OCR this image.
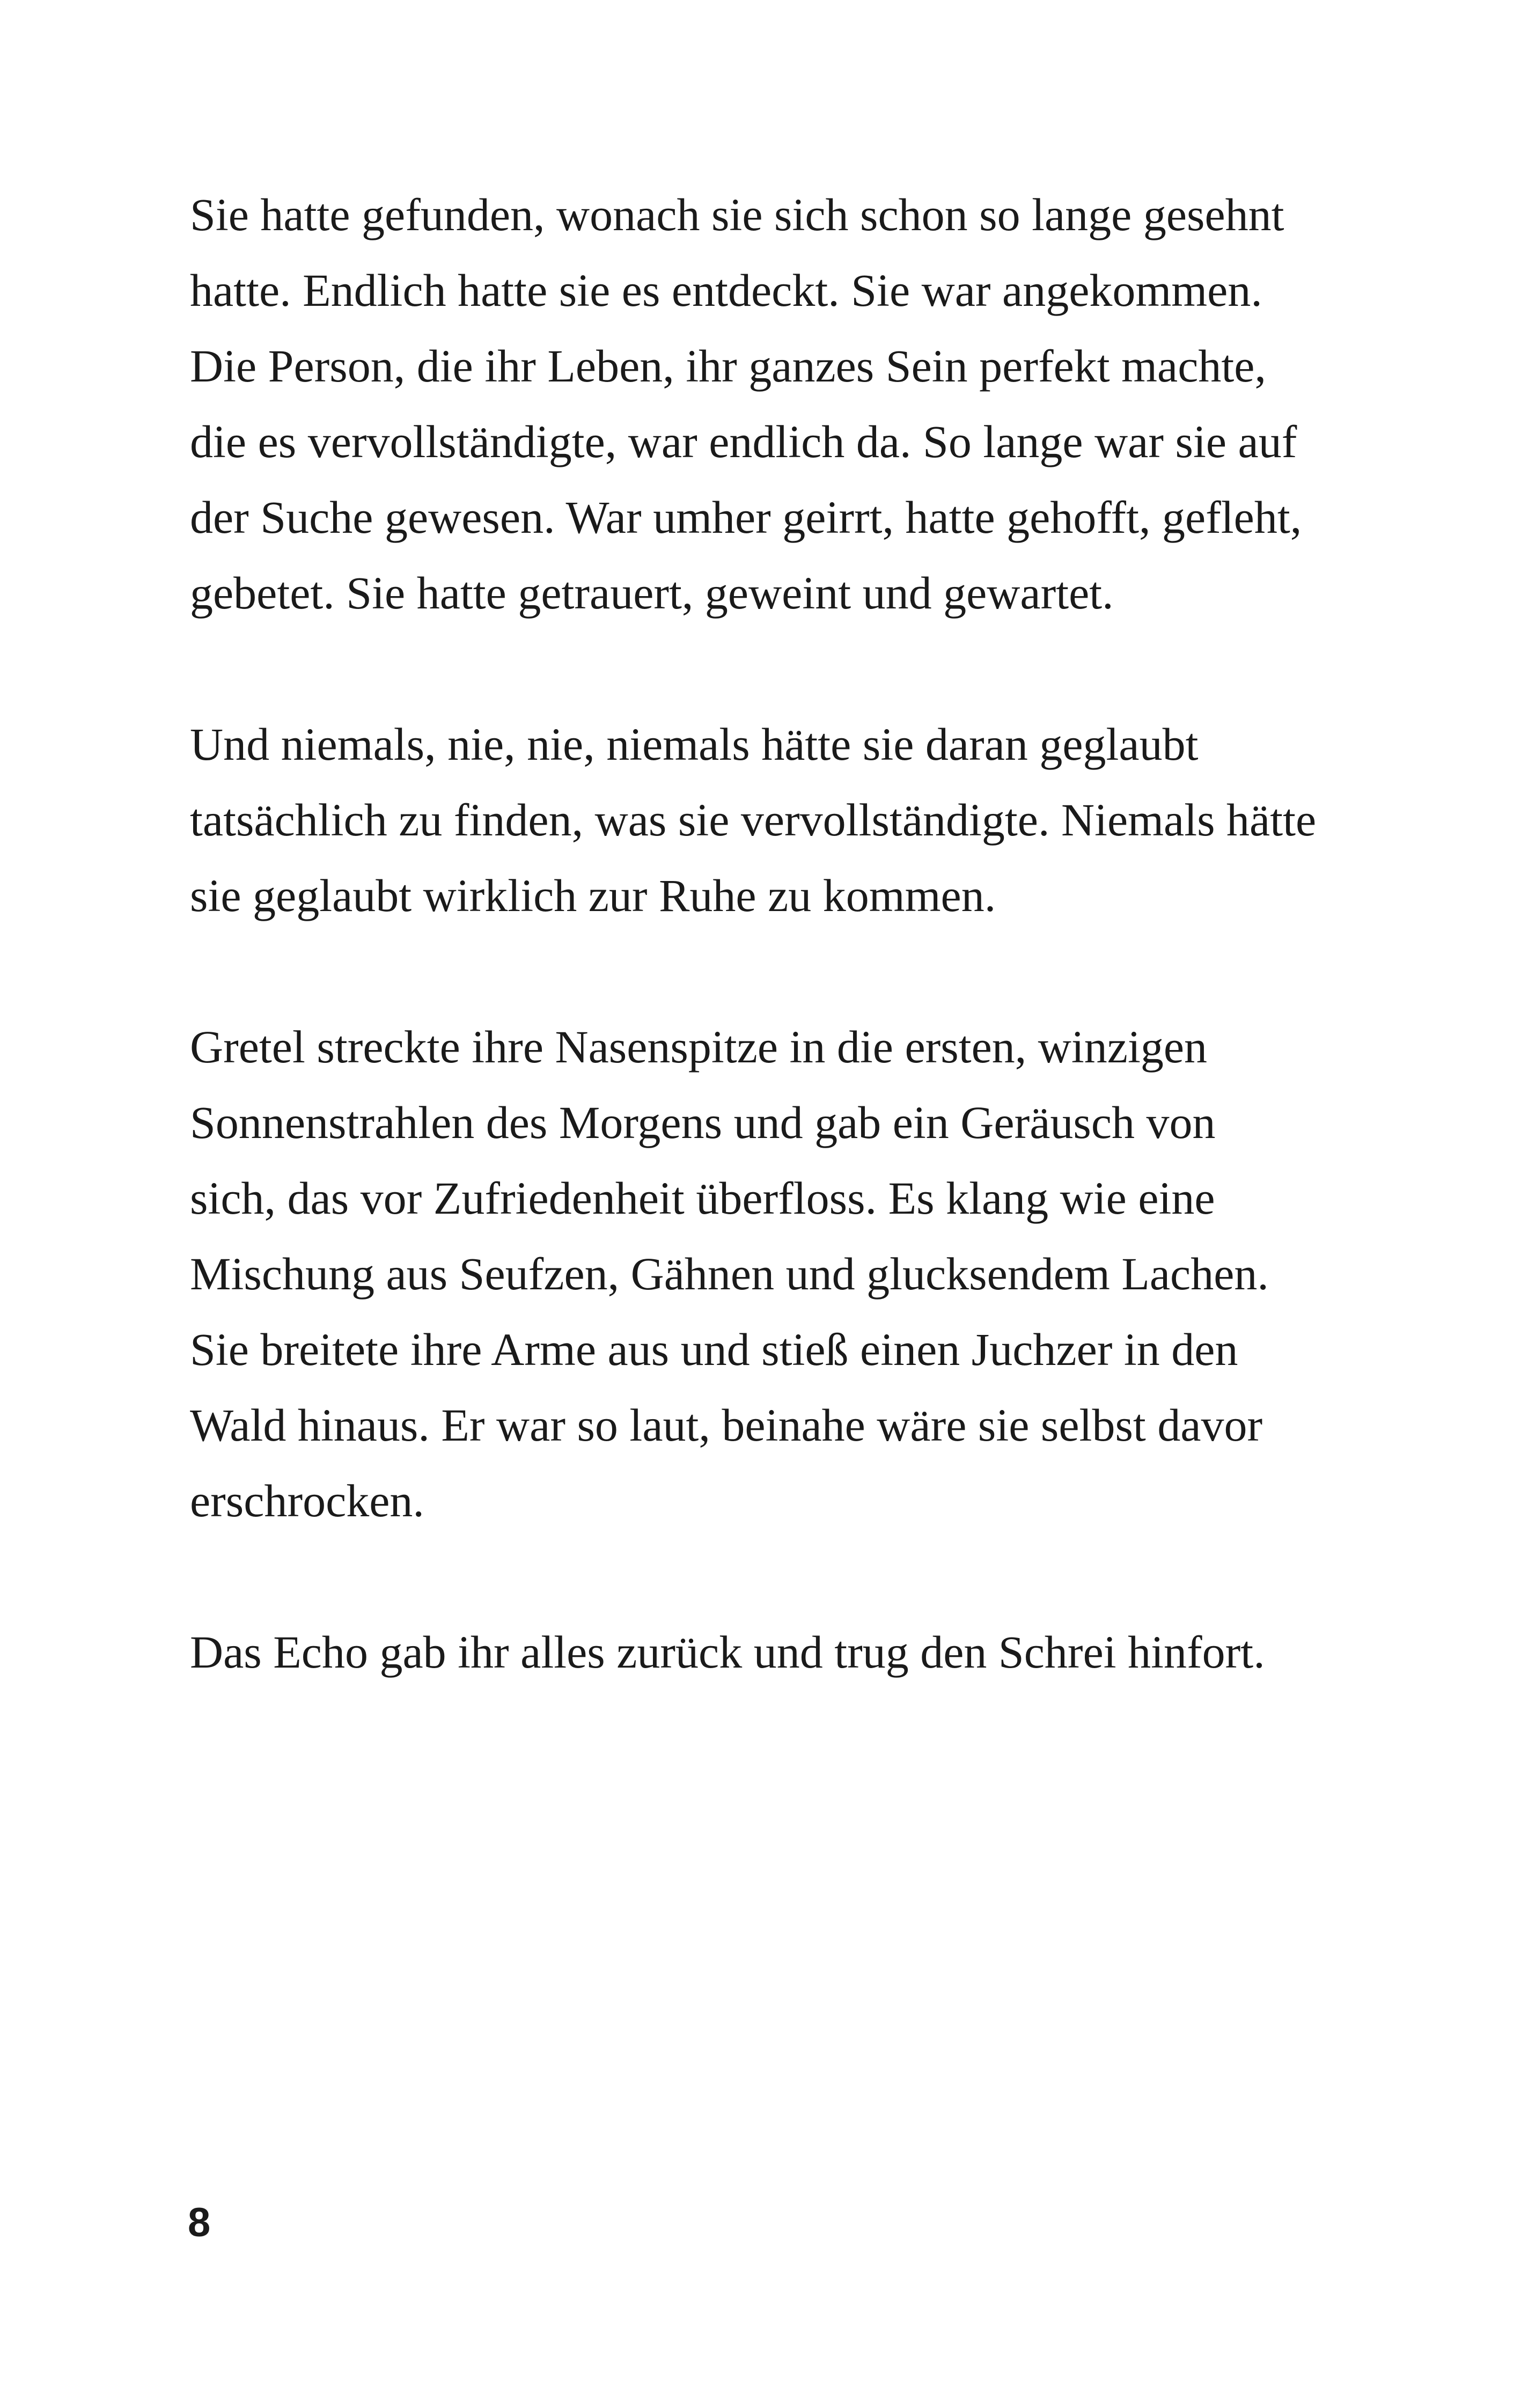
Sie hatte gefunden, wonach sie sich schon so lange gesehnt
hatte. Endlich hatte sie es entdeckt. Sie war angekommen.
Die Person, die ihr Leben, ihr ganzes Sein perfekt machte,
die es vervollständigte, war endlich da. So lange war sie auf
der Suche gewesen. War umher geirrt, hatte gehofft, gefleht,
gebetet. Sie hatte getrauert, geweint und gewartet.

Und niemals, nie, nie, niemals hätte sie daran geglaubt
tatsächlich zu finden, was sie vervollständigte. Niemals hätte
sie geglaubt wirklich zur Ruhe zu kommen.

Gretel streckte ihre Nasenspitze in die ersten, winzigen
Sonnenstrahlen des Morgens und gab ein Geräusch von
sich, das vor Zufriedenheit überfloss. Es klang wie eine
Mischung aus Seufzen, Gähnen und glucksendem Lachen.
Sie breitete ihre Arme aus und stieß einen Juchzer in den
Wald hinaus. Er war so laut, beinahe wäre sie selbst davor
erschrocken.

Das Echo gab ihr alles zurück und trug den Schrei hinfort.

8
